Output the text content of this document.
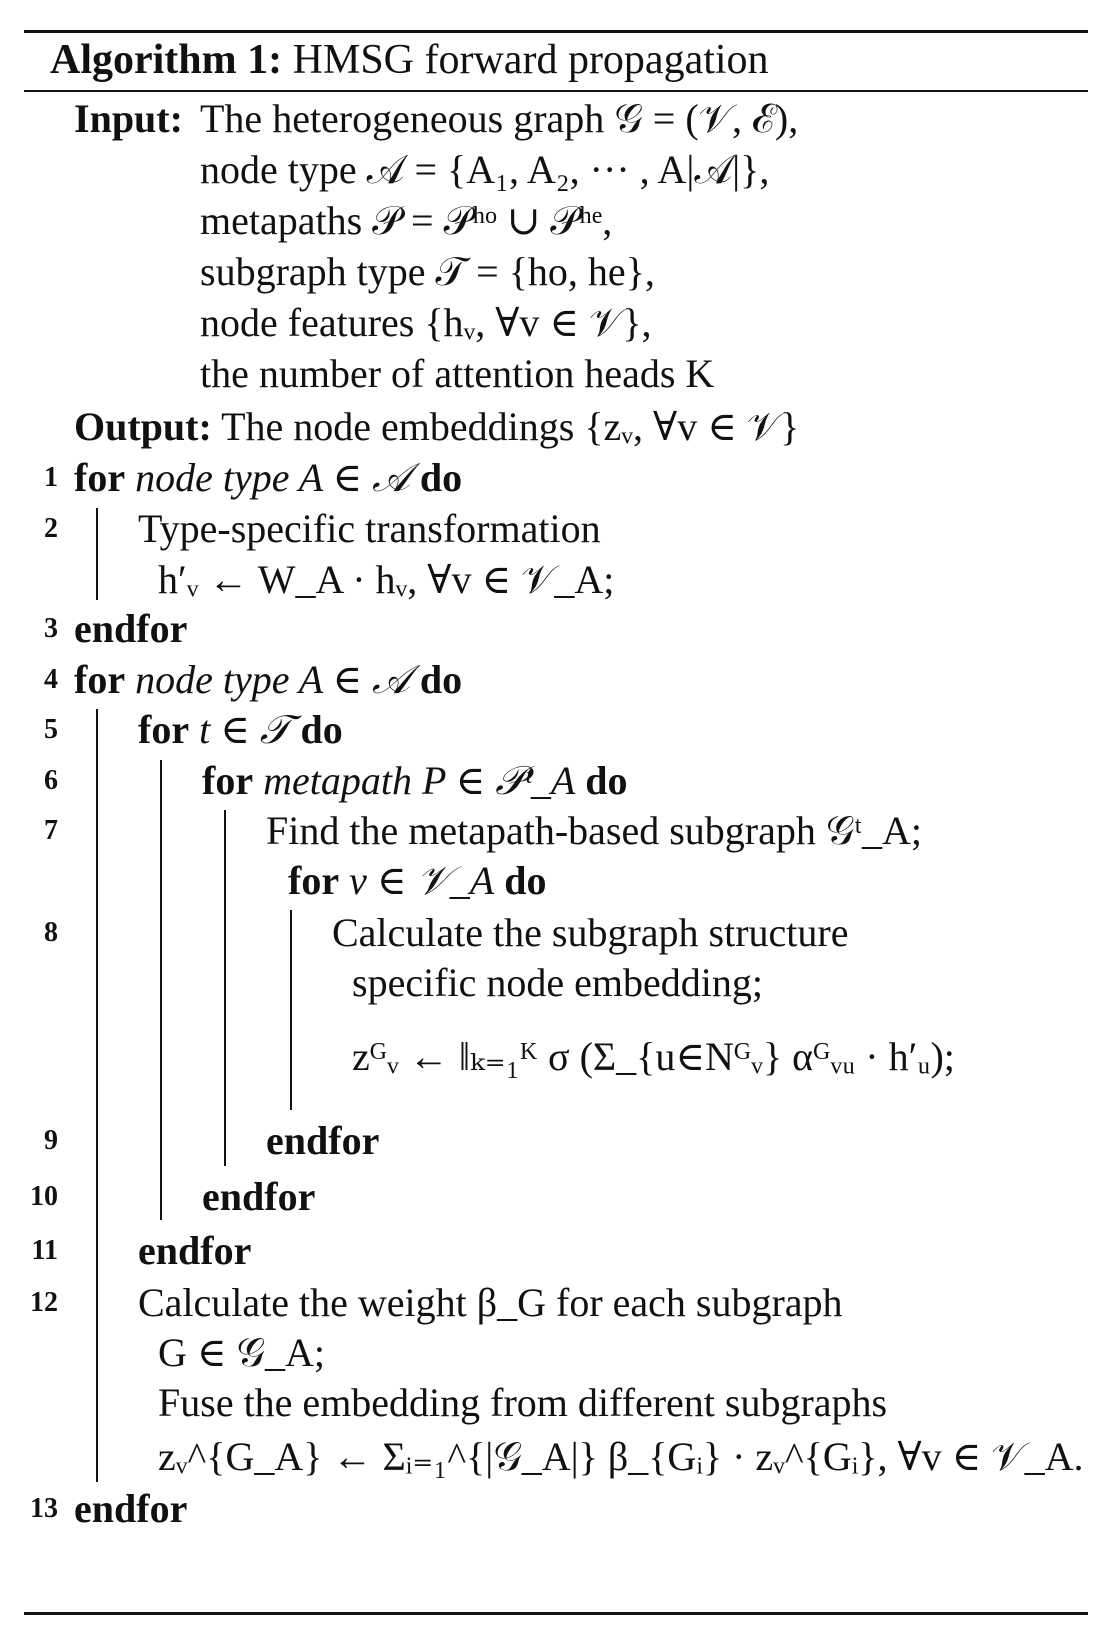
Algorithm 1: HMSG forward propagation
Input: The heterogeneous graph 𝒢 = (𝒱, ℰ),
node type 𝒜 = {A₁, A₂, ··· , A|𝒜|},
metapaths 𝒫 = 𝒫ʰᵒ ∪ 𝒫ʰᵉ,
subgraph type 𝒯 = {ho, he},
node features {hᵥ, ∀v ∈ 𝒱},
the number of attention heads K
Output: The node embeddings {zᵥ, ∀v ∈ 𝒱}
1
2
3
4
5
6
7
8
9
10
11
12
13
for node type A ∈ 𝒜 do
Type-specific transformation
h′ᵥ ← W_A · hᵥ, ∀v ∈ 𝒱_A;
endfor
for node type A ∈ 𝒜 do
for t ∈ 𝒯 do
for metapath P ∈ 𝒫ᵗ_A do
Find the metapath-based subgraph 𝒢ᵗ_A;
for v ∈ 𝒱_A do
Calculate the subgraph structure
specific node embedding;
zᴳᵥ ← ‖ₖ₌₁ᴷ σ (Σ_{u∈Nᴳᵥ} αᴳᵥᵤ · h′ᵤ);
endfor
endfor
endfor
Calculate the weight β_G for each subgraph
G ∈ 𝒢_A;
Fuse the embedding from different subgraphs
zᵥ^{G_A} ← Σᵢ₌₁^{|𝒢_A|} β_{Gᵢ} · zᵥ^{Gᵢ}, ∀v ∈ 𝒱_A.
endfor
